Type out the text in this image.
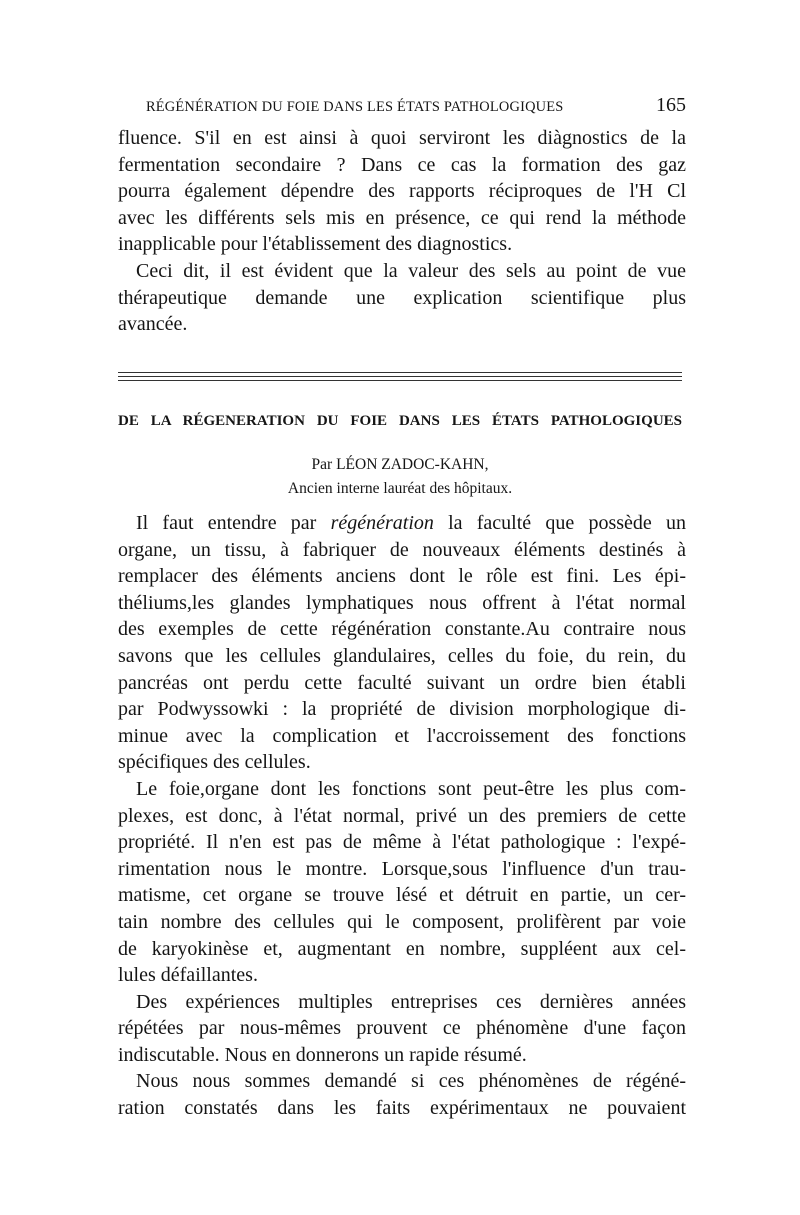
RÉGÉNÉRATION DU FOIE DANS LES ÉTATS PATHOLOGIQUES	165
fluence. S'il en est ainsi à quoi serviront les diàgnostics de la
fermentation secondaire ? Dans ce cas la formation des gaz
pourra également dépendre des rapports réciproques de l'H Cl
avec les différents sels mis en présence, ce qui rend la méthode
inapplicable pour l'établissement des diagnostics.
Ceci dit, il est évident que la valeur des sels au point de vue
thérapeutique demande une explication scientifique plus
avancée.
DE LA RÉGENERATION DU FOIE DANS LES ÉTATS PATHOLOGIQUES
Par LÉON ZADOC-KAHN,
Ancien interne lauréat des hôpitaux.
Il faut entendre par régénération la faculté que possède un
organe, un tissu, à fabriquer de nouveaux éléments destinés à
remplacer des éléments anciens dont le rôle est fini. Les épi-
théliums,les glandes lymphatiques nous offrent à l'état normal
des exemples de cette régénération constante.Au contraire nous
savons que les cellules glandulaires, celles du foie, du rein, du
pancréas ont perdu cette faculté suivant un ordre bien établi
par Podwyssowki : la propriété de division morphologique di-
minue avec la complication et l'accroissement des fonctions
spécifiques des cellules.
Le foie,organe dont les fonctions sont peut-être les plus com-
plexes, est donc, à l'état normal, privé un des premiers de cette
propriété. Il n'en est pas de même à l'état pathologique : l'expé-
rimentation nous le montre. Lorsque,sous l'influence d'un trau-
matisme, cet organe se trouve lésé et détruit en partie, un cer-
tain nombre des cellules qui le composent, prolifèrent par voie
de karyokinèse et, augmentant en nombre, suppléent aux cel-
lules défaillantes.
Des expériences multiples entreprises ces dernières années
répétées par nous-mêmes prouvent ce phénomène d'une façon
indiscutable. Nous en donnerons un rapide résumé.
Nous nous sommes demandé si ces phénomènes de régéné-
ration constatés dans les faits expérimentaux ne pouvaient
